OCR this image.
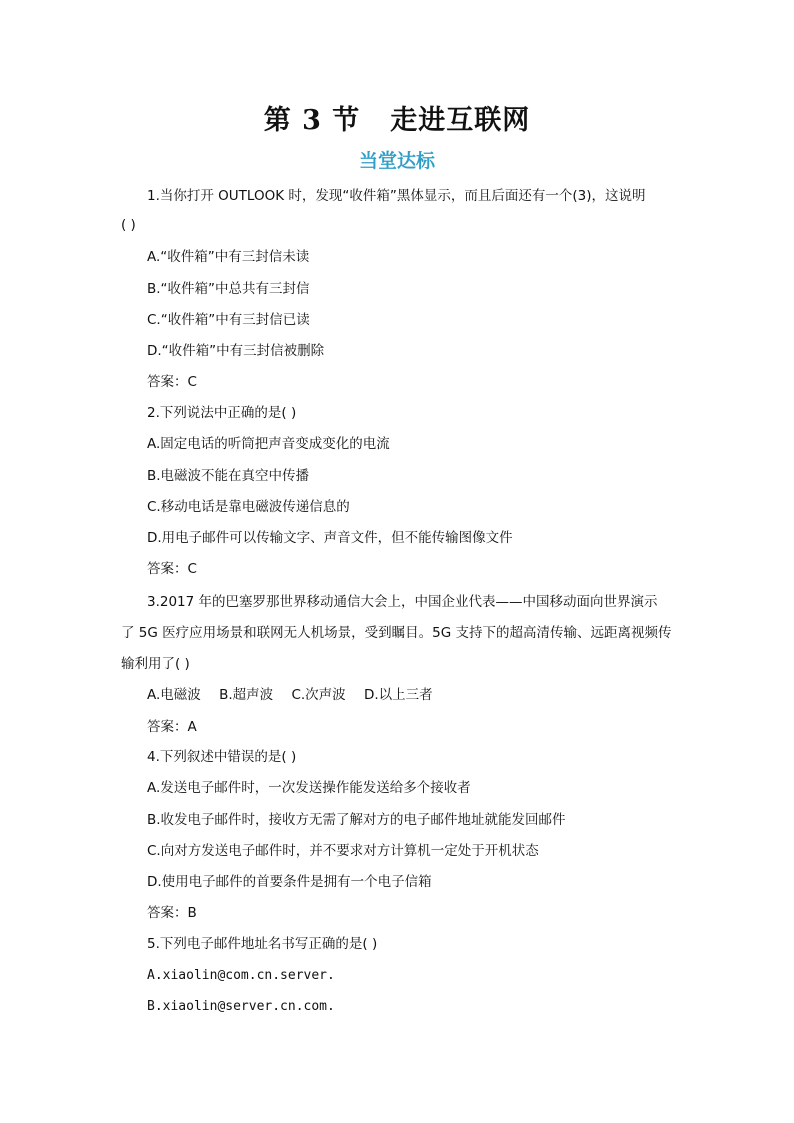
第 3 节 走进互联网
当堂达标
1.当你打开 OUTLOOK 时，发现“收件箱”黑体显示，而且后面还有一个(3)，这说明
( )
A.“收件箱”中有三封信未读
B.“收件箱”中总共有三封信
C.“收件箱”中有三封信已读
D.“收件箱”中有三封信被删除
答案：C
2.下列说法中正确的是( )
A.固定电话的听筒把声音变成变化的电流
B.电磁波不能在真空中传播
C.移动电话是靠电磁波传递信息的
D.用电子邮件可以传输文字、声音文件，但不能传输图像文件
答案：C
3.2017 年的巴塞罗那世界移动通信大会上，中国企业代表——中国移动面向世界演示
了 5G 医疗应用场景和联网无人机场景，受到瞩目。5G 支持下的超高清传输、远距离视频传
输利用了( )
A.电磁波 B.超声波 C.次声波 D.以上三者
答案：A
4.下列叙述中错误的是( )
A.发送电子邮件时，一次发送操作能发送给多个接收者
B.收发电子邮件时，接收方无需了解对方的电子邮件地址就能发回邮件
C.向对方发送电子邮件时，并不要求对方计算机一定处于开机状态
D.使用电子邮件的首要条件是拥有一个电子信箱
答案：B
5.下列电子邮件地址名书写正确的是( )
A.xiaolin@com.cn.server.
B.xiaolin@server.cn.com.
